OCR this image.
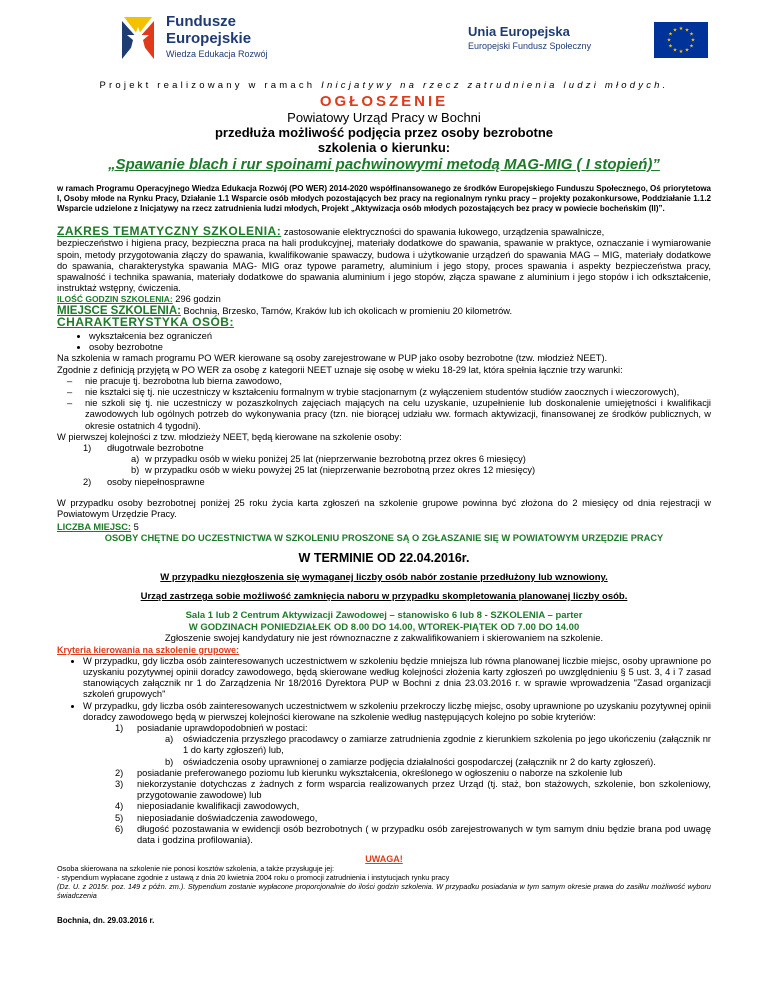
Fundusze
Europejskie
Wiedza Edukacja Rozwój
Unia Europejska
Europejski Fundusz Społeczny
★ ★
★
★
★
★
★
★
★
★
★
★
Projekt realizowany w ramach Inicjatywy na rzecz zatrudnienia ludzi młodych.
OGŁOSZENIE
Powiatowy Urząd Pracy w Bochni
przedłuża możliwość podjęcia przez osoby bezrobotne
szkolenia o kierunku:
„Spawanie blach i rur spoinami pachwinowymi metodą MAG-MIG ( I stopień)”
w ramach Programu Operacyjnego Wiedza Edukacja Rozwój (PO WER) 2014-2020 współfinansowanego ze środków Europejskiego Funduszu Społecznego, Oś priorytetowa I, Osoby młode na Rynku Pracy, Działanie 1.1 Wsparcie osób młodych pozostających bez pracy na regionalnym rynku pracy – projekty pozakonkursowe, Poddziałanie 1.1.2 Wsparcie udzielone z Inicjatywy na rzecz zatrudnienia ludzi młodych, Projekt „Aktywizacja osób młodych pozostających bez pracy w powiecie bocheńskim (II)”.

ZAKRES TEMATYCZNY SZKOLENIA: zastosowanie elektryczności do spawania łukowego, urządzenia spawalnicze,

bezpieczeństwo i higiena pracy, bezpieczna praca na hali produkcyjnej, materiały dodatkowe do spawania, spawanie w praktyce, oznaczanie i wymiarowanie spoin, metody przygotowania złączy do spawania, kwalifikowanie spawaczy, budowa i użytkowanie urządzeń do spawania MAG – MIG, materiały dodatkowe do spawania, charakterystyka spawania MAG- MIG oraz typowe parametry, aluminium i jego stopy, proces spawania i aspekty bezpieczeństwa pracy, spawalność i technika spawania, materiały dodatkowe do spawania aluminium i jego stopów, złącza spawane z aluminium i jego stopów i ich odkształcenie, instruktaż wstępny, ćwiczenia.

ILOŚĆ GODZIN SZKOLENIA: 296 godzin

MIEJSCE SZKOLENIA: Bochnia, Brzesko, Tarnów, Kraków lub ich okolicach w promieniu 20 kilometrów.

CHARAKTERYSTYKA OSÓB:

• wykształcenia bez ograniczeń
• osoby bezrobotne

Na szkolenia w ramach programu PO WER kierowane są osoby zarejestrowane w PUP jako osoby bezrobotne (tzw. młodzież NEET).

Zgodnie z definicją przyjętą w PO WER za osobę z kategorii NEET uznaje się osobę w wieku 18-29 lat, która spełnia łącznie trzy warunki:

– nie pracuje tj. bezrobotna lub bierna zawodowo,
– nie kształci się tj. nie uczestniczy w kształceniu formalnym w trybie stacjonarnym (z wyłączeniem studentów studiów zaocznych i wieczorowych),
– nie szkoli się tj. nie uczestniczy w pozaszkolnych zajęciach mających na celu uzyskanie, uzupełnienie lub doskonalenie umiejętności i kwalifikacji zawodowych lub ogólnych potrzeb do wykonywania pracy (tzn. nie biorącej udziału ww. formach aktywizacji, finansowanej ze środków publicznych, w okresie ostatnich 4 tygodni).

W pierwszej kolejności z tzw. młodzieży NEET, będą kierowane na szkolenie osoby:

1) długotrwale bezrobotne
a) w przypadku osób w wieku poniżej 25 lat (nieprzerwanie bezrobotną przez okres 6 miesięcy)
b) w przypadku osób w wieku powyżej 25 lat (nieprzerwanie bezrobotną przez okres 12 miesięcy)
2) osoby niepełnosprawne

W przypadku osoby bezrobotnej poniżej 25 roku życia karta zgłoszeń na szkolenie grupowe powinna być złożona do 2 miesięcy od dnia rejestracji w Powiatowym Urzędzie Pracy.

LICZBA MIEJSC: 5

OSOBY CHĘTNE DO UCZESTNICTWA W SZKOLENIU PROSZONE SĄ O ZGŁASZANIE SIĘ W POWIATOWYM URZĘDZIE PRACY
W TERMINIE OD 22.04.2016r.
W przypadku niezgłoszenia się wymaganej liczby osób nabór zostanie przedłużony lub wznowiony.
Urząd zastrzega sobie możliwość zamknięcia naboru w przypadku skompletowania planowanej liczby osób.
Sala 1 lub 2 Centrum Aktywizacji Zawodowej – stanowisko 6 lub 8 - SZKOLENIA – parter
W GODZINACH PONIEDZIAŁEK OD 8.00 DO 14.00, WTOREK-PIĄTEK OD 7.00 DO 14.00
Zgłoszenie swojej kandydatury nie jest równoznaczne z zakwalifikowaniem i skierowaniem na szkolenie.
Kryteria kierowania na szkolenie grupowe:
• W przypadku, gdy liczba osób zainteresowanych uczestnictwem w szkoleniu będzie mniejsza lub równa planowanej liczbie miejsc, osoby uprawnione po uzyskaniu pozytywnej opinii doradcy zawodowego, będą skierowane według kolejności złożenia karty zgłoszeń po uwzględnieniu § 5 ust. 3, 4 i 7 zasad stanowiących załącznik nr 1 do Zarządzenia Nr 18/2016 Dyrektora PUP w Bochni z dnia 23.03.2016 r. w sprawie wprowadzenia "Zasad organizacji szkoleń grupowych"
• W przypadku, gdy liczba osób zainteresowanych uczestnictwem w szkoleniu przekroczy liczbę miejsc, osoby uprawnione po uzyskaniu pozytywnej opinii doradcy zawodowego będą w pierwszej kolejności kierowane na szkolenie według następujących kolejno po sobie kryteriów:
1) posiadanie uprawdopodobnień w postaci:
a) oświadczenia przyszłego pracodawcy o zamiarze zatrudnienia zgodnie z kierunkiem szkolenia po jego ukończeniu (załącznik nr 1 do karty zgłoszeń) lub,
b) oświadczenia osoby uprawnionej o zamiarze podjęcia działalności gospodarczej (załącznik nr 2 do karty zgłoszeń).
2) posiadanie preferowanego poziomu lub kierunku wykształcenia, określonego w ogłoszeniu o naborze na szkolenie lub
3) niekorzystanie dotychczas z żadnych z form wsparcia realizowanych przez Urząd (tj. staż, bon stażowych, szkolenie, bon szkoleniowy, przygotowanie zawodowe) lub
4) nieposiadanie kwalifikacji zawodowych,
5) nieposiadanie doświadczenia zawodowego,
6) długość pozostawania w ewidencji osób bezrobotnych ( w przypadku osób zarejestrowanych w tym samym dniu będzie brana pod uwagę data i godzina profilowania).
UWAGA!
Osoba skierowana na szkolenie nie ponosi kosztów szkolenia, a także przysługuje jej:
- stypendium wypłacane zgodnie z ustawą z dnia 20 kwietnia 2004 roku o promocji zatrudnienia i instytucjach rynku pracy
(Dz. U. z 2015r. poz. 149 z późn. zm.). Stypendium zostanie wypłacone proporcjonalnie do ilości godzin szkolenia. W przypadku posiadania w tym samym okresie prawa do zasiłku możliwość wyboru świadczenia
Bochnia, dn. 29.03.2016 r.
